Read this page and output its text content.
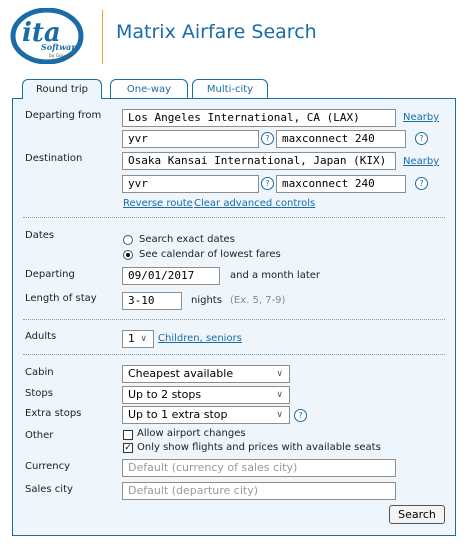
ita
Software
by Google
Matrix Airfare Search
Round trip	One-way	Multi-city
Departing from	Los Angeles International, CA (LAX)	Nearby
yvr	?	maxconnect 240	?
Destination	Osaka Kansai International, Japan (KIX)	Nearby
yvr	?	maxconnect 240	?
Reverse route Clear advanced controls
Dates	Search exact dates
See calendar of lowest fares
Departing	09/01/2017	and a month later
Length of stay	3-10	nights (Ex. 5, 7-9)
Adults	1 ∨ Children, seniors
Cabin	Cheapest available	∨
Stops	Up to 2 stops	∨
Extra stops	Up to 1 extra stop	∨	?
Other	Allow airport changes
✓ Only show flights and prices with available seats
Currency	Default (currency of sales city)
Sales city	Default (departure city)
Search
